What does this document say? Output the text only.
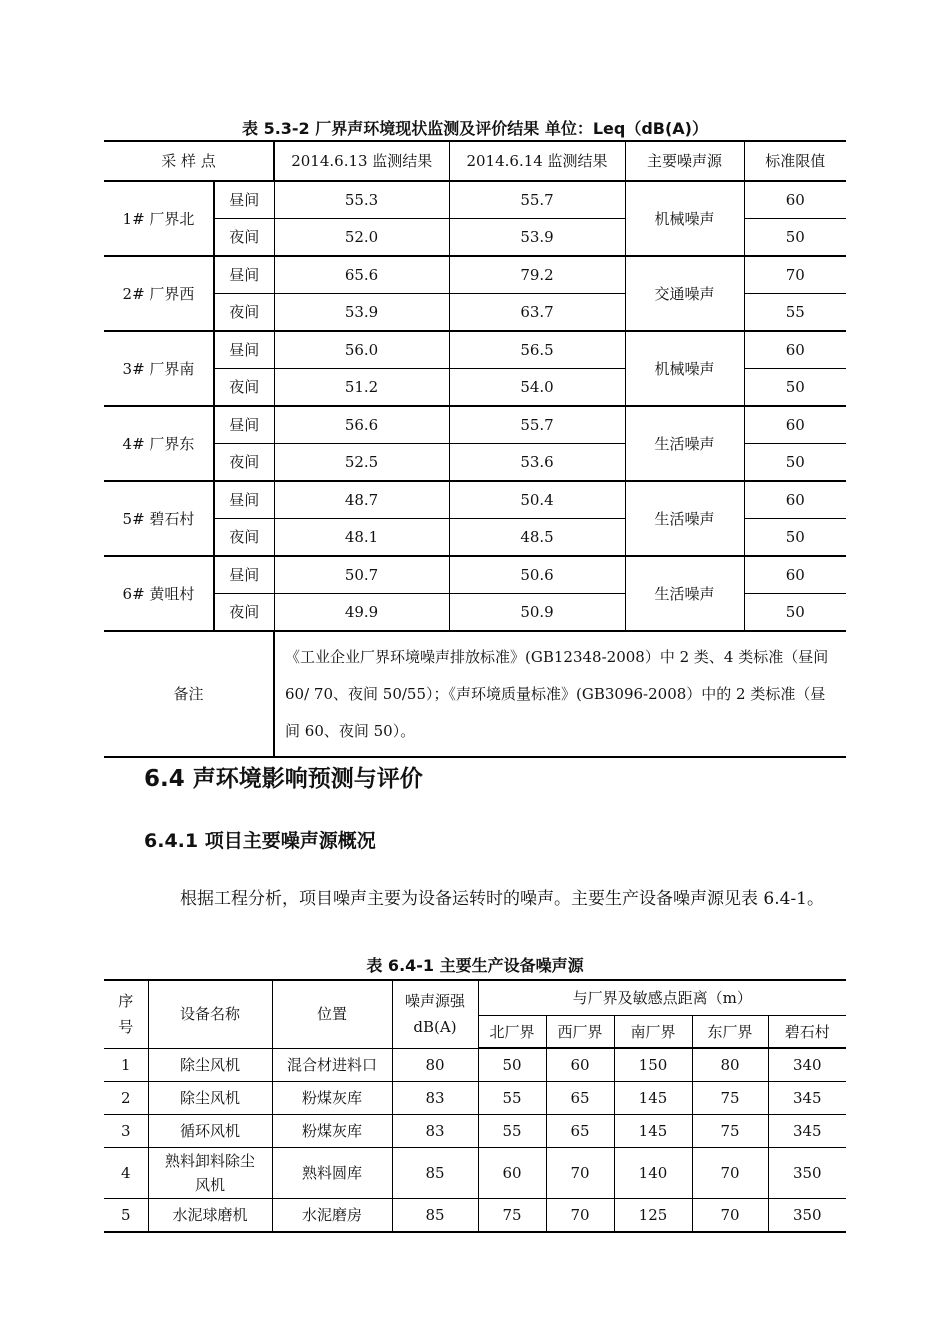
表 5.3-2 厂界声环境现状监测及评价结果 单位：Leq（dB(A)）
采 样 点		2014.6.13 监测结果	2014.6.14 监测结果	主要噪声源	标准限值
1# 厂界北	昼间	55.3	55.7	机械噪声	60
	夜间	52.0	53.9		50
2# 厂界西	昼间	65.6	79.2	交通噪声	70
	夜间	53.9	63.7		55
3# 厂界南	昼间	56.0	56.5	机械噪声	60
	夜间	51.2	54.0		50
4# 厂界东	昼间	56.6	55.7	生活噪声	60
	夜间	52.5	53.6		50
5# 碧石村	昼间	48.7	50.4	生活噪声	60
	夜间	48.1	48.5		50
6# 黄咀村	昼间	50.7	50.6	生活噪声	60
	夜间	49.9	50.9		50
备注		《工业企业厂界环境噪声排放标准》(GB12348-2008）中 2 类、4 类标准（昼间 60/ 70、夜间 50/55）；《声环境质量标准》(GB3096-2008）中的 2 类标准（昼间 60、夜间 50）。			
6.4 声环境影响预测与评价
6.4.1 项目主要噪声源概况
根据工程分析，项目噪声主要为设备运转时的噪声。主要生产设备噪声源见表 6.4-1。
表 6.4-1 主要生产设备噪声源
序号	设备名称	位置	噪声源强 dB(A)	与厂界及敏感点距离（m）				
				北厂界	西厂界	南厂界	东厂界	碧石村
1	除尘风机	混合材进料口	80	50	60	150	80	340
2	除尘风机	粉煤灰库	83	55	65	145	75	345
3	循环风机	粉煤灰库	83	55	65	145	75	345
4	熟料卸料除尘风机	熟料圆库	85	60	70	140	70	350
5	水泥球磨机	水泥磨房	85	75	70	125	70	350
